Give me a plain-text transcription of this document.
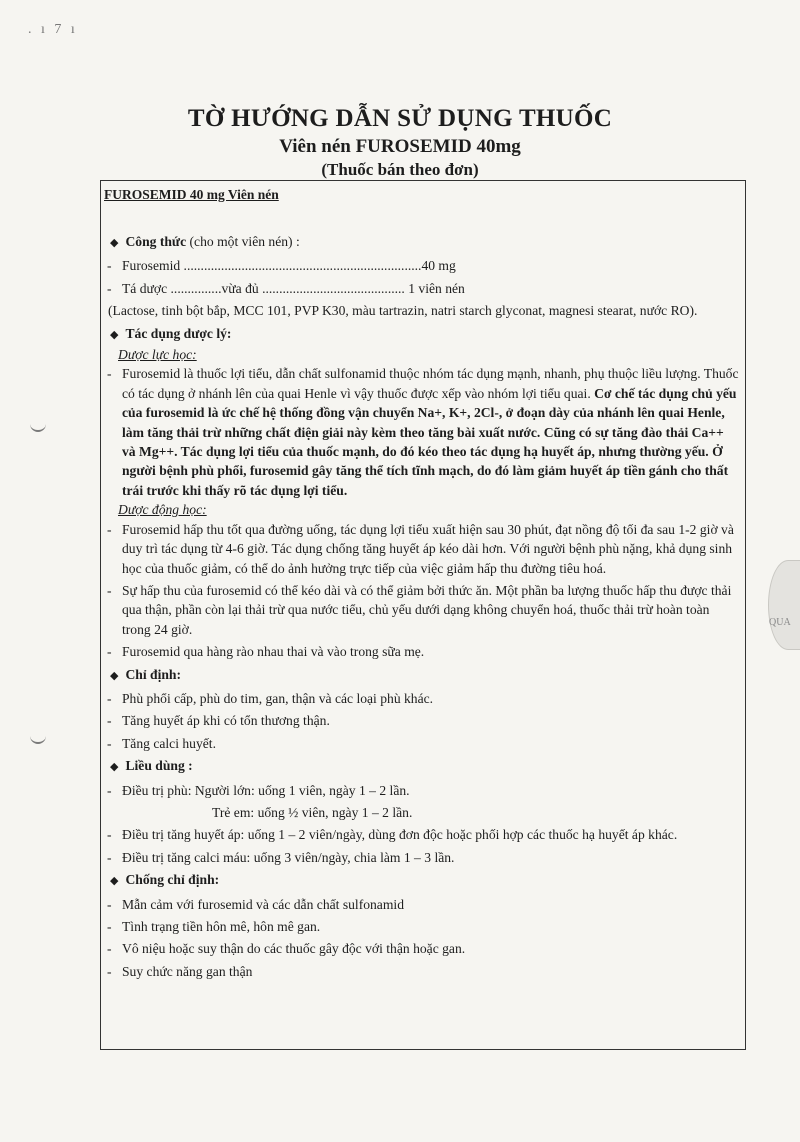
. ı 7 ı
QUA
TỜ HƯỚNG DẪN SỬ DỤNG THUỐC
Viên nén FUROSEMID 40mg
(Thuốc bán theo đơn)
FUROSEMID 40 mg Viên nén
◆ Công thức (cho một viên nén) :
- Furosemid ......................................................................40 mg
- Tá dược ...............vừa đủ .......................................... 1 viên nén
(Lactose, tinh bột bắp, MCC 101, PVP K30, màu tartrazin, natri starch glyconat, magnesi stearat, nước RO).
◆ Tác dụng dược lý:
Dược lực học:
- Furosemid là thuốc lợi tiểu, dẫn chất sulfonamid thuộc nhóm tác dụng mạnh, nhanh, phụ thuộc liều lượng. Thuốc có tác dụng ở nhánh lên của quai Henle vì vậy thuốc được xếp vào nhóm lợi tiểu quai. Cơ chế tác dụng chủ yếu của furosemid là ức chế hệ thống đồng vận chuyển Na+, K+, 2Cl-, ở đoạn dày của nhánh lên quai Henle, làm tăng thải trừ những chất điện giải này kèm theo tăng bài xuất nước. Cũng có sự tăng đào thải Ca++ và Mg++. Tác dụng lợi tiểu của thuốc mạnh, do đó kéo theo tác dụng hạ huyết áp, nhưng thường yếu. Ở người bệnh phù phổi, furosemid gây tăng thể tích tĩnh mạch, do đó làm giảm huyết áp tiền gánh cho thất trái trước khi thấy rõ tác dụng lợi tiểu.
Dược động học:
- Furosemid hấp thu tốt qua đường uống, tác dụng lợi tiểu xuất hiện sau 30 phút, đạt nồng độ tối đa sau 1-2 giờ và duy trì tác dụng từ 4-6 giờ. Tác dụng chống tăng huyết áp kéo dài hơn. Với người bệnh phù nặng, khả dụng sinh học của thuốc giảm, có thể do ảnh hưởng trực tiếp của việc giảm hấp thu đường tiêu hoá.
- Sự hấp thu của furosemid có thể kéo dài và có thể giảm bởi thức ăn. Một phần ba lượng thuốc hấp thu được thải qua thận, phần còn lại thải trừ qua nước tiểu, chủ yếu dưới dạng không chuyển hoá, thuốc thải trừ hoàn toàn trong 24 giờ.
- Furosemid qua hàng rào nhau thai và vào trong sữa mẹ.
◆ Chỉ định:
- Phù phổi cấp, phù do tim, gan, thận và các loại phù khác.
- Tăng huyết áp khi có tổn thương thận.
- Tăng calci huyết.
◆ Liều dùng :
- Điều trị phù: Người lớn: uống 1 viên, ngày 1 – 2 lần.
Trẻ em: uống ½ viên, ngày 1 – 2 lần.
- Điều trị tăng huyết áp: uống 1 – 2 viên/ngày, dùng đơn độc hoặc phối hợp các thuốc hạ huyết áp khác.
- Điều trị tăng calci máu: uống 3 viên/ngày, chia làm 1 – 3 lần.
◆ Chống chỉ định:
- Mẫn cảm với furosemid và các dẫn chất sulfonamid
- Tình trạng tiền hôn mê, hôn mê gan.
- Vô niệu hoặc suy thận do các thuốc gây độc với thận hoặc gan.
- Suy chức năng gan thận
